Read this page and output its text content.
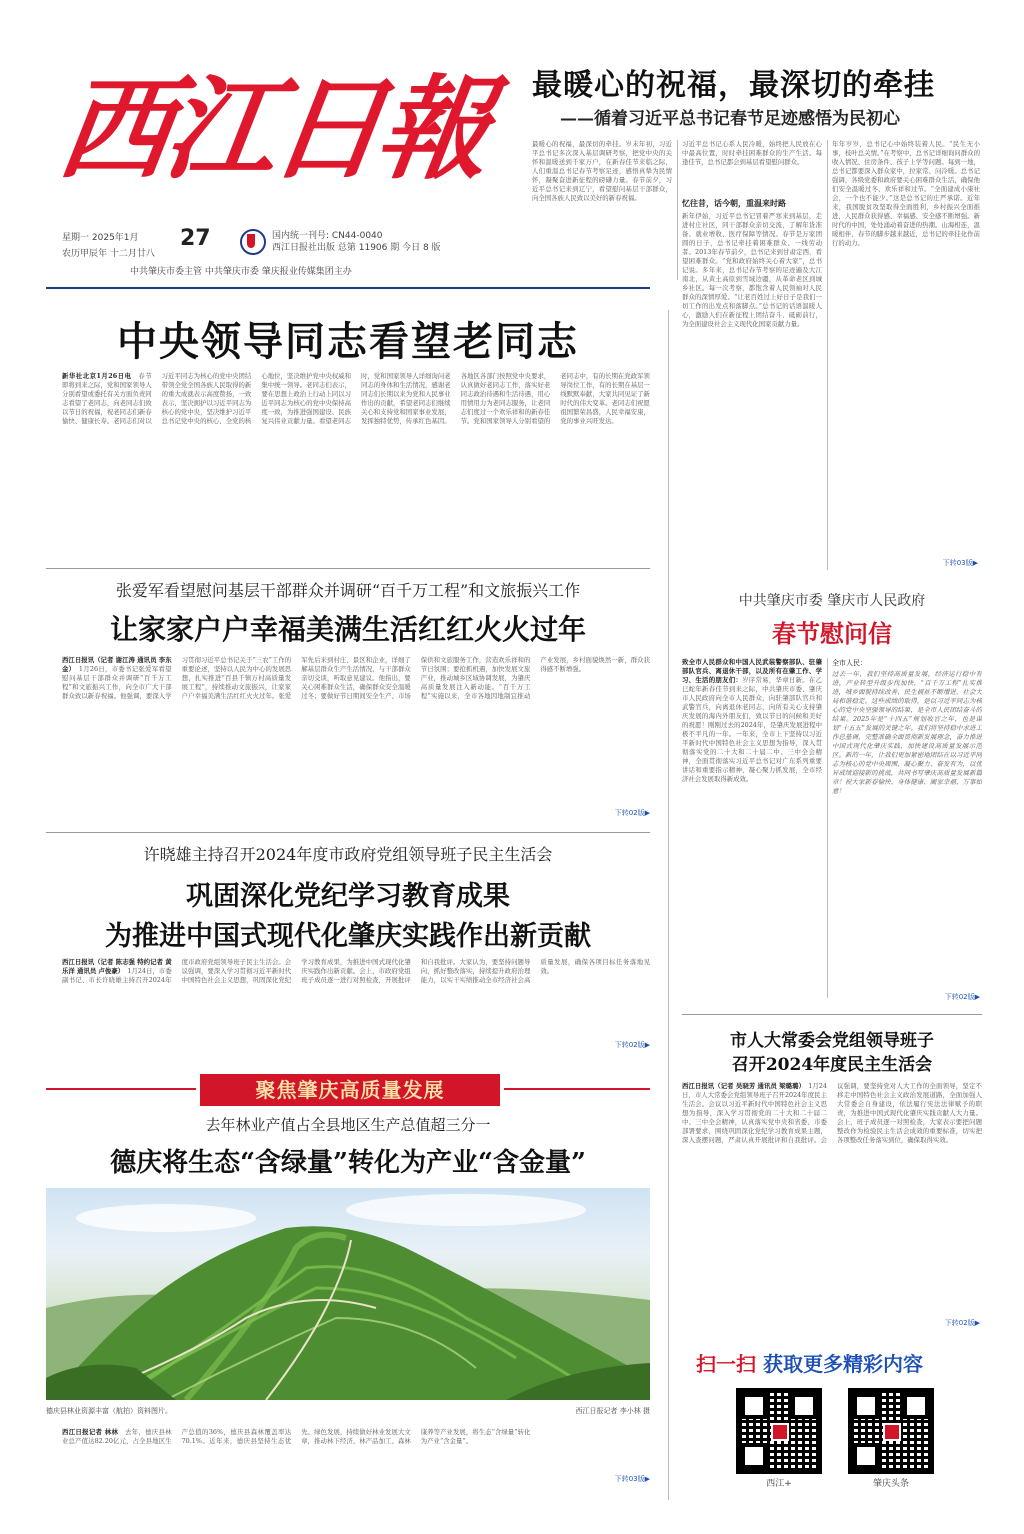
西江日報
星期一 2025年1月
农历甲辰年 十二月廿八
27	国内统一刊号: CN44-0040
西江日报社出版 总第 11906 期 今日 8 版
中共肇庆市委主管 中共肇庆市委 肇庆报业传媒集团主办
最暖心的祝福，最深切的牵挂
——循着习近平总书记春节足迹感悟为民初心
最暖心的祝福，最深切的牵挂。岁末年初，习近平总书记多次深入基层调研考察，把党中央的关怀和温暖送到千家万户，在新春佳节来临之际，人们重温总书记春节考察足迹，感悟真挚为民情怀，凝聚奋进新征程的磅礴力量。春节前夕，习近平总书记来到辽宁，看望慰问基层干部群众，向全国各族人民致以美好的新春祝福。
习近平总书记心系人民冷暖，始终把人民放在心中最高位置，时时牵挂困难群众的生产生活。每逢佳节，总书记都会到基层看望慰问群众。
忆往昔，话今朝，重温来时路
新年伊始，习近平总书记冒着严寒来到基层，走进村庄社区，同干部群众亲切交流，了解年货准备、就业增收、医疗保障等情况。春节是万家团圆的日子，总书记牵挂着困难群众、一线劳动者。2013年春节前夕，总书记来到甘肃定西，看望困难群众。“党和政府始终关心着大家”，总书记说。多年来，总书记春节考察的足迹遍及大江南北，从黄土高原到雪域边疆，从革命老区到城乡社区。每一次考察，都饱含着人民领袖对人民群众的深情厚爱。“让老百姓过上好日子是我们一切工作的出发点和落脚点。”总书记的话语温暖人心，激励人们在新征程上团结奋斗、砥砺前行，为全面建设社会主义现代化国家贡献力量。
年年岁岁，总书记心中始终装着人民。“民生无小事，枝叶总关情。”在考察中，总书记详细询问群众的收入情况、住房条件、孩子上学等问题。每到一地，总书记都要深入群众家中，拉家常、问冷暖。总书记强调，各级党委和政府要关心困难群众生活，确保他们安全温暖过冬、欢乐祥和过节。“全面建成小康社会，一个也不能少。”这是总书记的庄严承诺。近年来，我国脱贫攻坚取得全面胜利，乡村振兴全面推进，人民群众获得感、幸福感、安全感不断增强。新时代的中国，处处涌动着奋进的热潮。山海相连，温暖相伴，春节的脚步越来越近，总书记的牵挂化作前行的动力。
下转03版▶
中央领导同志看望老同志
新华社北京1月26日电　春节即将到来之际，党和国家领导人分别看望或委托有关方面负责同志看望了老同志，向老同志们致以节日的祝福，祝老同志们新春愉快、健康长寿。老同志们对以习近平同志为核心的党中央团结带领全党全国各族人民取得的新的重大成就表示高度赞扬，一致表示，坚决拥护以习近平同志为核心的党中央，坚决维护习近平总书记党中央的核心、全党的核心地位，坚决维护党中央权威和集中统一领导。老同志们表示，要在思想上政治上行动上同以习近平同志为核心的党中央保持高度一致，为推进强国建设、民族复兴伟业贡献力量。看望老同志时，党和国家领导人详细询问老同志的身体和生活情况，感谢老同志们长期以来为党和人民事业作出的贡献，希望老同志们继续关心和支持党和国家事业发展，发挥独特优势，传承红色基因。各地区各部门按照党中央要求，认真做好老同志工作，落实好老同志政治待遇和生活待遇，用心用情用力为老同志服务，让老同志们度过一个欢乐祥和的新春佳节。党和国家领导人分别看望的老同志中，有的长期在党政军领导岗位工作，有的长期在基层一线默默奉献，大家共同见证了新时代的伟大变革。老同志们祝愿祖国繁荣昌盛，人民幸福安康，党的事业兴旺发达。
张爱军看望慰问基层干部群众并调研“百千万工程”和文旅振兴工作
让家家户户幸福美满生活红红火火过年
西江日报讯（记者 谢江涛 通讯员 李东金）　1月26日，市委书记张爱军看望慰问基层干部群众并调研“百千万工程”和文旅振兴工作，向全市广大干部群众致以新春祝福。他强调，要深入学习贯彻习近平总书记关于“三农”工作的重要论述，坚持以人民为中心的发展思想，扎实推进“百县千镇万村高质量发展工程”，持续推动文旅振兴，让家家户户幸福美满生活红红火火过年。张爱军先后来到村庄、景区和企业，详细了解基层群众生产生活情况，与干部群众亲切交谈，听取意见建议。他指出，要关心困难群众生活，确保群众安全温暖过冬；要做好节日期间安全生产、市场保供和文旅服务工作，营造欢乐祥和的节日氛围；要抢抓机遇，加快发展文旅产业，推动城乡区域协调发展，为肇庆高质量发展注入新动能。“百千万工程”实施以来，全市各地因地制宜推动产业发展，乡村面貌焕然一新，群众获得感不断增强。
下转02版▶
许晓雄主持召开2024年度市政府党组领导班子民主生活会
巩固深化党纪学习教育成果
为推进中国式现代化肇庆实践作出新贡献
西江日报讯（记者 陈志强 特约记者 黄乐洋 通讯员 卢俊豪）　1月24日，市委副书记、市长许晓雄主持召开2024年度市政府党组领导班子民主生活会。会议强调，要深入学习贯彻习近平新时代中国特色社会主义思想，巩固深化党纪学习教育成果，为推进中国式现代化肇庆实践作出新贡献。会上，市政府党组班子成员逐一进行对照检查，开展批评和自我批评。大家认为，要坚持问题导向，抓好整改落实，持续提升政府治理能力，以实干实绩推动全市经济社会高质量发展，确保各项目标任务落地见效。
下转02版▶
聚焦肇庆高质量发展
去年林业产值占全县地区生产总值超三分一
德庆将生态“含绿量”转化为产业“含金量”
德庆县林业资源丰富（航拍）资料图片。	西江日报记者 李小林 摄
西江日报记者 林林　去年，德庆县林业总产值达82.20亿元，占全县地区生产总值的36%，德庆县森林覆盖率达70.1%。近年来，德庆县坚持生态优先、绿色发展，持续做好林业发展大文章，推动林下经济、林产品加工、森林康养等产业发展，将生态“含绿量”转化为产业“含金量”。
下转03版▶
中共肇庆市委 肇庆市人民政府
春节慰问信
致全市人民群众和中国人民武装警察部队、驻肇部队官兵、离退休干部，以及所有在肇工作、学习、生活的朋友们：岁序常易，华章日新。在乙巳蛇年新春佳节到来之际，中共肇庆市委、肇庆市人民政府向全市人民群众，向驻肇部队官兵和武警官兵，向离退休老同志，向所有关心支持肇庆发展的海内外朋友们，致以节日的问候和美好的祝愿！刚刚过去的2024年，是肇庆发展进程中极不平凡的一年。一年来，全市上下坚持以习近平新时代中国特色社会主义思想为指导，深入贯彻落实党的二十大和二十届二中、三中全会精神，全面贯彻落实习近平总书记对广东系列重要讲话和重要指示精神，凝心聚力抓发展，全市经济社会发展取得新成效。
全市人民：
过去一年，我们坚持高质量发展，经济运行稳中有进，产业转型升级步伐加快，“百千万工程”扎实推进，城乡面貌持续改善，民生福祉不断增进，社会大局和谐稳定。这些成绩的取得，是以习近平同志为核心的党中央坚强领导的结果，是全市人民团结奋斗的结果。2025年是“十四五”规划收官之年，也是谋划“十五五”发展的关键之年。我们将坚持稳中求进工作总基调，完整准确全面贯彻新发展理念，奋力推进中国式现代化肇庆实践，加快建设高质量发展示范区。新的一年，让我们更加紧密地团结在以习近平同志为核心的党中央周围，凝心聚力、奋发有为，以优异成绩迎接新的挑战，共同书写肇庆高质量发展新篇章！祝大家新春愉快、身体健康、阖家幸福、万事如意！
下转02版▶
市人大常委会党组领导班子
召开2024年度民主生活会
西江日报讯（记者 吴晓芳 通讯员 梁璐璐）　1月24日，市人大常委会党组领导班子召开2024年度民主生活会。会议以习近平新时代中国特色社会主义思想为指导，深入学习贯彻党的二十大和二十届二中、三中全会精神，认真落实党中央和省委、市委部署要求，围绕巩固深化党纪学习教育成果主题，深入查摆问题，严肃认真开展批评和自我批评。会议强调，要坚持党对人大工作的全面领导，坚定不移走中国特色社会主义政治发展道路，全面加强人大常委会自身建设，依法履行宪法法律赋予的职责，为推进中国式现代化肇庆实践贡献人大力量。会上，班子成员逐一对照检查，大家表示要把问题整改作为检验民主生活会成效的重要标准，切实把各项整改任务落实到位，确保取得实效。
下转02版▶
扫一扫 获取更多精彩内容
西江+	肇庆头条
